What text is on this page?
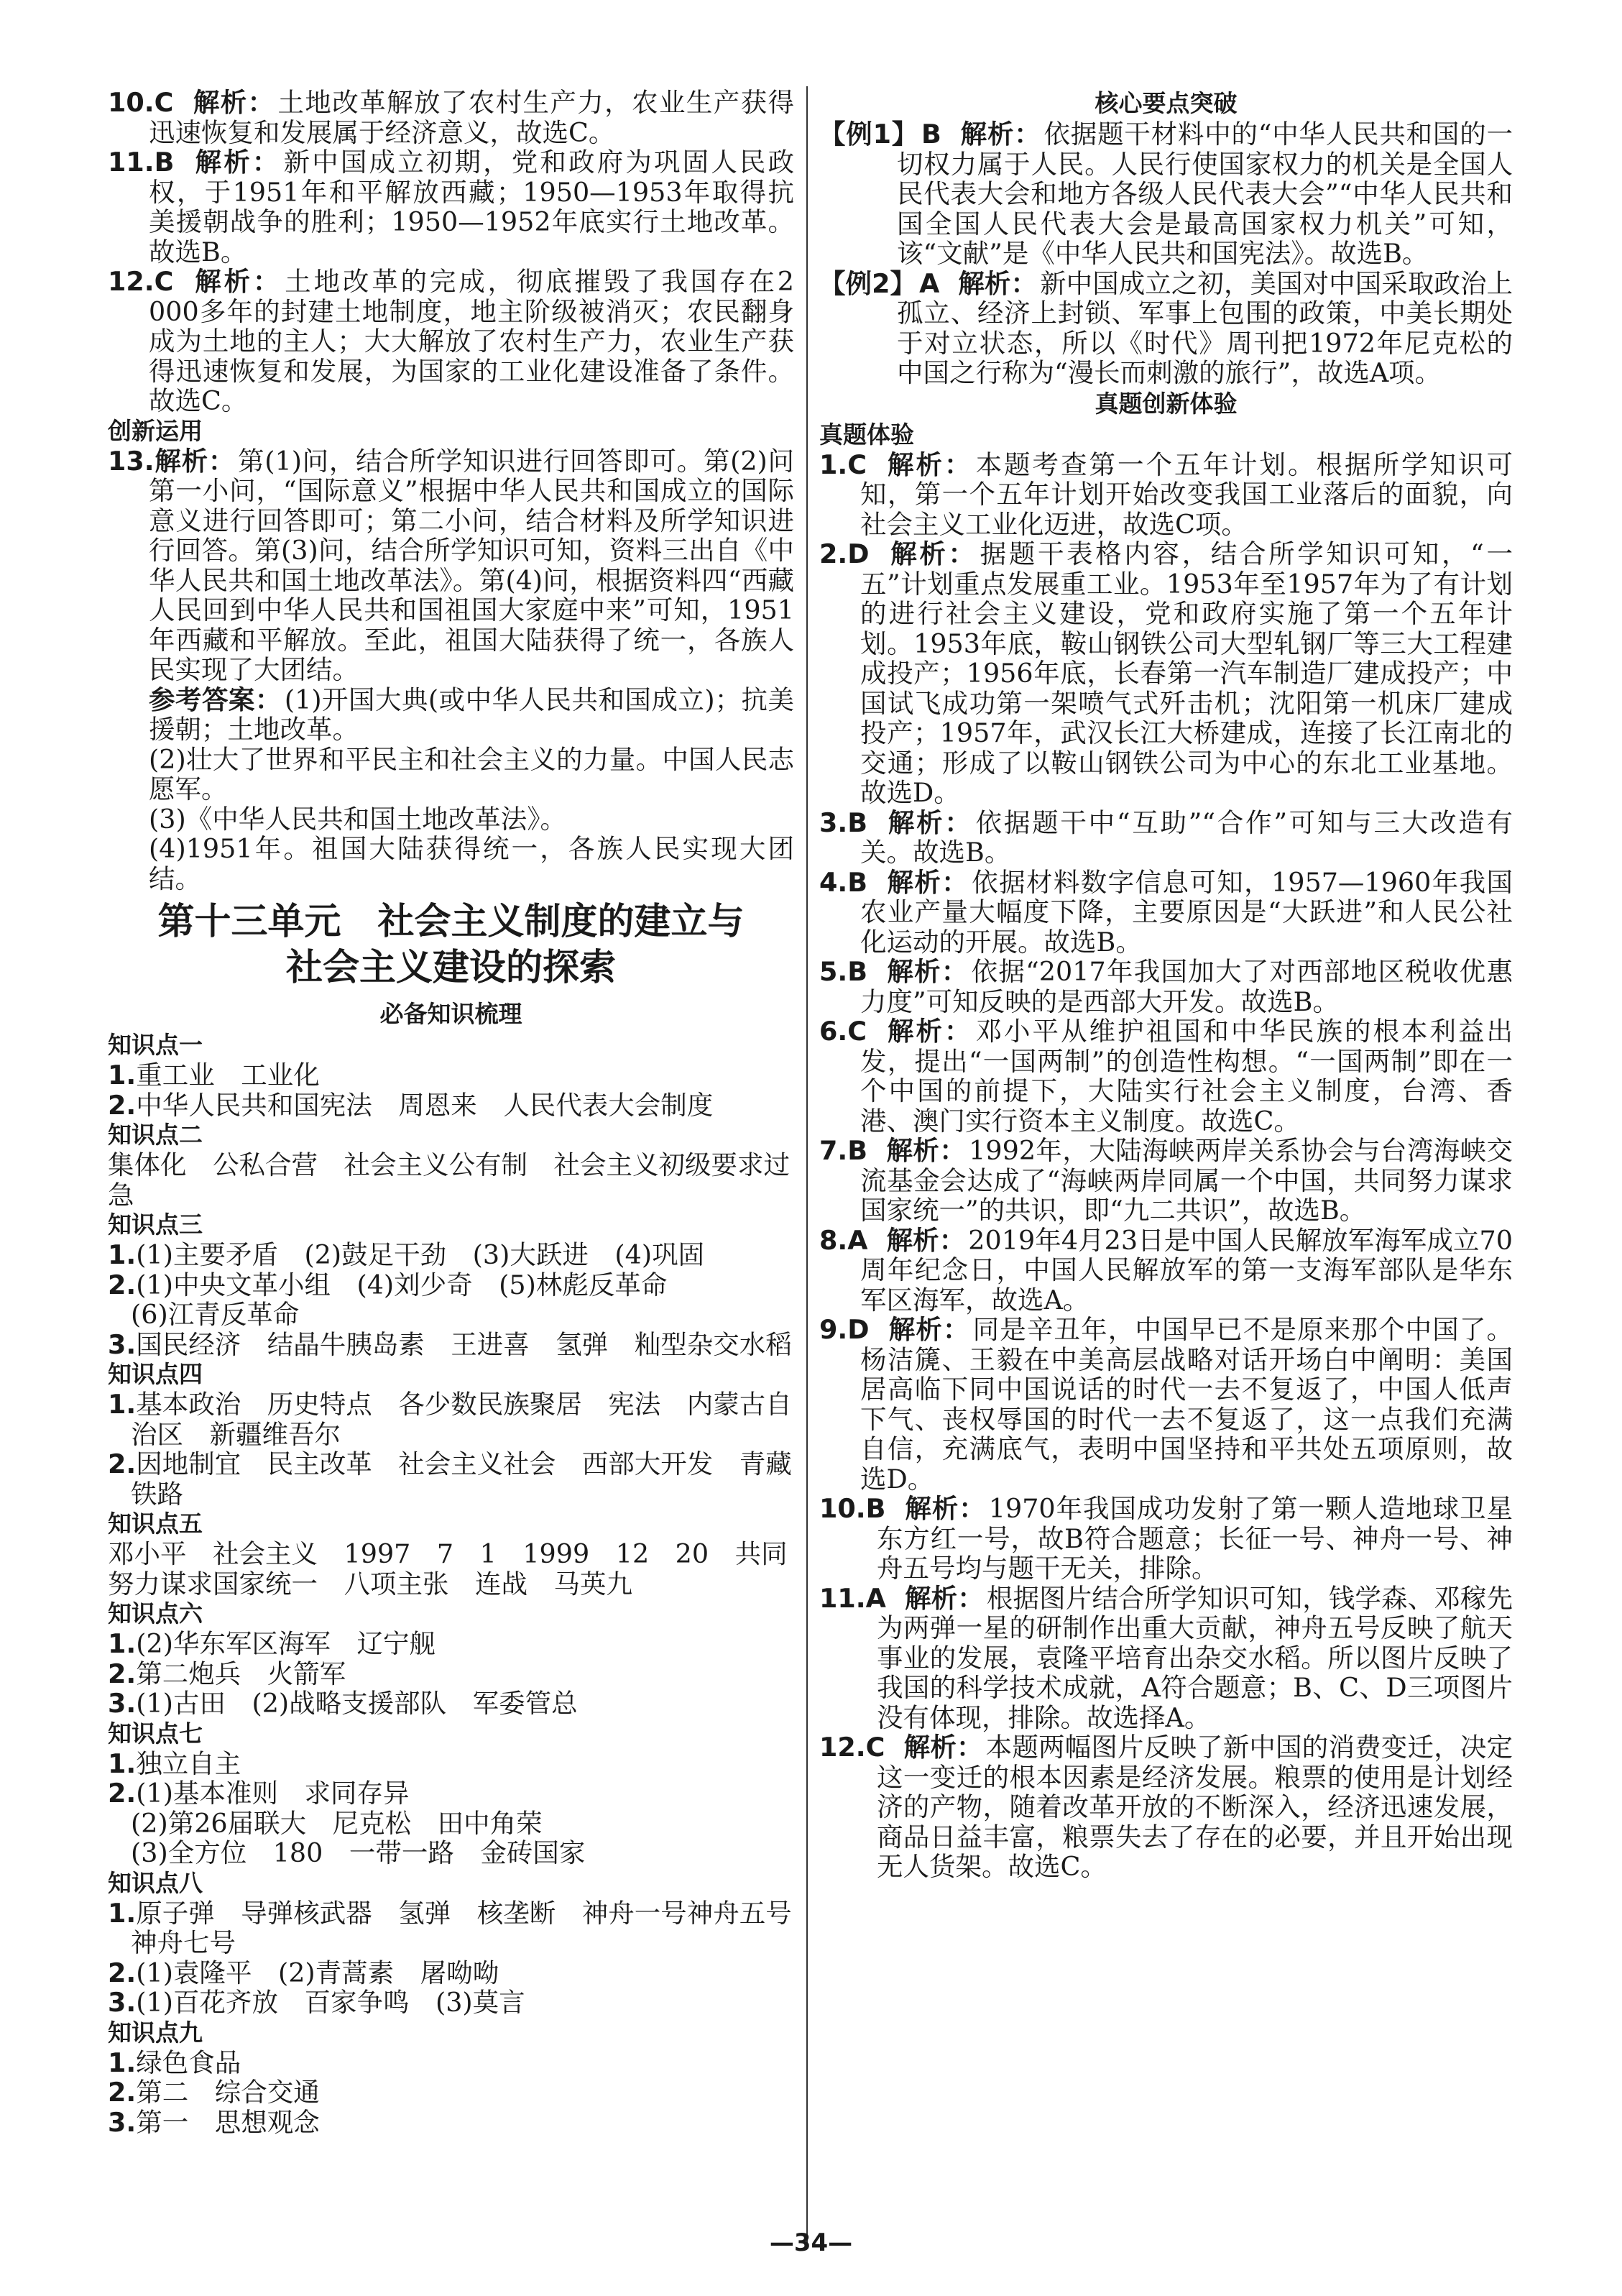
10.C 解析： 土地改革解放了农村生产力，农业生产获得迅速恢复和发展属于经济意义，故选C。
11.B 解析： 新中国成立初期，党和政府为巩固人民政权，于1951年和平解放西藏；1950—1953年取得抗美援朝战争的胜利；1950—1952年底实行土地改革。故选B。
12.C 解析： 土地改革的完成，彻底摧毁了我国存在2 000多年的封建土地制度，地主阶级被消灭；农民翻身成为土地的主人；大大解放了农村生产力，农业生产获得迅速恢复和发展，为国家的工业化建设准备了条件。故选C。
创新运用
13.解析： 第(1)问，结合所学知识进行回答即可。第(2)问第一小问，“国际意义”根据中华人民共和国成立的国际意义进行回答即可；第二小问，结合材料及所学知识进行回答。第(3)问，结合所学知识可知，资料三出自《中华人民共和国土地改革法》。第(4)问，根据资料四“西藏人民回到中华人民共和国祖国大家庭中来”可知，1951年西藏和平解放。至此，祖国大陆获得了统一，各族人民实现了大团结。
参考答案： (1)开国大典(或中华人民共和国成立)；抗美援朝；土地改革。
(2)壮大了世界和平民主和社会主义的力量。中国人民志愿军。
(3)《中华人民共和国土地改革法》。
(4)1951年。祖国大陆获得统一，各族人民实现大团结。
第十三单元　社会主义制度的建立与
社会主义建设的探索
必备知识梳理
知识点一
1.重工业　工业化
2.中华人民共和国宪法　周恩来　人民代表大会制度
知识点二
集体化　公私合营　社会主义公有制　社会主义初级要求过急
知识点三
1.(1)主要矛盾　(2)鼓足干劲　(3)大跃进　(4)巩固
2.(1)中央文革小组　(4)刘少奇　(5)林彪反革命
(6)江青反革命
3.国民经济　结晶牛胰岛素　王进喜　氢弹　籼型杂交水稻
知识点四
1.基本政治　历史特点　各少数民族聚居　宪法　内蒙古自治区　新疆维吾尔
2.因地制宜　民主改革　社会主义社会　西部大开发　青藏铁路
知识点五
邓小平　社会主义　1997　7　1　1999　12　20　共同努力谋求国家统一　八项主张　连战　马英九
知识点六
1.(2)华东军区海军　辽宁舰
2.第二炮兵　火箭军
3.(1)古田　(2)战略支援部队　军委管总
知识点七
1.独立自主
2.(1)基本准则　求同存异
(2)第26届联大　尼克松　田中角荣
(3)全方位　180　一带一路　金砖国家
知识点八
1.原子弹　导弹核武器　氢弹　核垄断　神舟一号神舟五号　神舟七号
2.(1)袁隆平　(2)青蒿素　屠呦呦
3.(1)百花齐放　百家争鸣　(3)莫言
知识点九
1.绿色食品
2.第二　综合交通
3.第一　思想观念
核心要点突破
【例1】 B 解析： 依据题干材料中的“中华人民共和国的一切权力属于人民。人民行使国家权力的机关是全国人民代表大会和地方各级人民代表大会”“中华人民共和国全国人民代表大会是最高国家权力机关”可知，该“文献”是《中华人民共和国宪法》。故选B。
【例2】 A 解析： 新中国成立之初，美国对中国采取政治上孤立、经济上封锁、军事上包围的政策，中美长期处于对立状态，所以《时代》周刊把1972年尼克松的中国之行称为“漫长而刺激的旅行”，故选A项。
真题创新体验
真题体验
1.C 解析： 本题考查第一个五年计划。根据所学知识可知，第一个五年计划开始改变我国工业落后的面貌，向社会主义工业化迈进，故选C项。
2.D 解析： 据题干表格内容，结合所学知识可知，“一五”计划重点发展重工业。1953年至1957年为了有计划的进行社会主义建设，党和政府实施了第一个五年计划。1953年底，鞍山钢铁公司大型轧钢厂等三大工程建成投产；1956年底，长春第一汽车制造厂建成投产；中国试飞成功第一架喷气式歼击机；沈阳第一机床厂建成投产；1957年，武汉长江大桥建成，连接了长江南北的交通；形成了以鞍山钢铁公司为中心的东北工业基地。故选D。
3.B 解析： 依据题干中“互助”“合作”可知与三大改造有关。故选B。
4.B 解析： 依据材料数字信息可知，1957—1960年我国农业产量大幅度下降，主要原因是“大跃进”和人民公社化运动的开展。故选B。
5.B 解析： 依据“2017年我国加大了对西部地区税收优惠力度”可知反映的是西部大开发。故选B。
6.C 解析： 邓小平从维护祖国和中华民族的根本利益出发，提出“一国两制”的创造性构想。“一国两制”即在一个中国的前提下，大陆实行社会主义制度，台湾、香港、澳门实行资本主义制度。故选C。
7.B 解析： 1992年，大陆海峡两岸关系协会与台湾海峡交流基金会达成了“海峡两岸同属一个中国，共同努力谋求国家统一”的共识，即“九二共识”，故选B。
8.A 解析： 2019年4月23日是中国人民解放军海军成立70周年纪念日，中国人民解放军的第一支海军部队是华东军区海军，故选A。
9.D 解析： 同是辛丑年，中国早已不是原来那个中国了。杨洁篪、王毅在中美高层战略对话开场白中阐明：美国居高临下同中国说话的时代一去不复返了，中国人低声下气、丧权辱国的时代一去不复返了，这一点我们充满自信，充满底气，表明中国坚持和平共处五项原则，故选D。
10.B 解析： 1970年我国成功发射了第一颗人造地球卫星东方红一号，故B符合题意；长征一号、神舟一号、神舟五号均与题干无关，排除。
11.A 解析： 根据图片结合所学知识可知，钱学森、邓稼先为两弹一星的研制作出重大贡献，神舟五号反映了航天事业的发展，袁隆平培育出杂交水稻。所以图片反映了我国的科学技术成就，A符合题意；B、C、D三项图片没有体现，排除。故选择A。
12.C 解析： 本题两幅图片反映了新中国的消费变迁，决定这一变迁的根本因素是经济发展。粮票的使用是计划经济的产物，随着改革开放的不断深入，经济迅速发展，商品日益丰富，粮票失去了存在的必要，并且开始出现无人货架。故选C。
—34—
